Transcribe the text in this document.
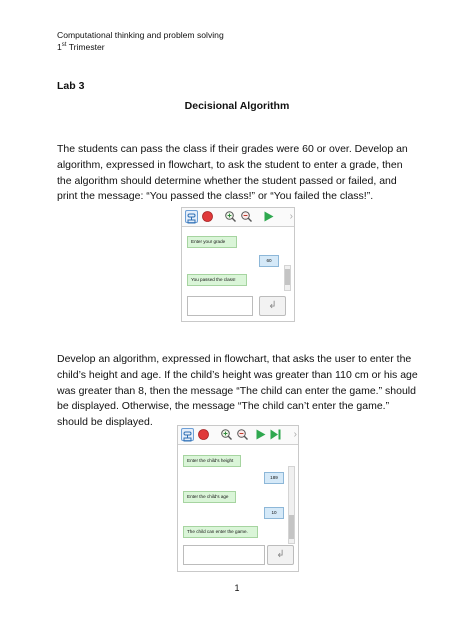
Computational thinking and problem solving
1st Trimester
Lab 3
Decisional Algorithm
The students can pass the class if their grades were 60 or over. Develop an algorithm, expressed in flowchart, to ask the student to enter a grade, then the algorithm should determine whether the student passed or failed, and print the message: “You passed the class!” or “You failed the class!”.
›
Enter your grade
60
You passed the class!
↲
Develop an algorithm, expressed in flowchart, that asks the user to enter the child’s height and age. If the child’s height was greater than 110 cm or his age was greater than 8, then the message “The child can enter the game.” should be displayed. Otherwise, the message “The child can’t enter the game.” should be displayed.
›
Enter the child's height
189
Enter the child's age
10
The child can enter the game.
↲
1
